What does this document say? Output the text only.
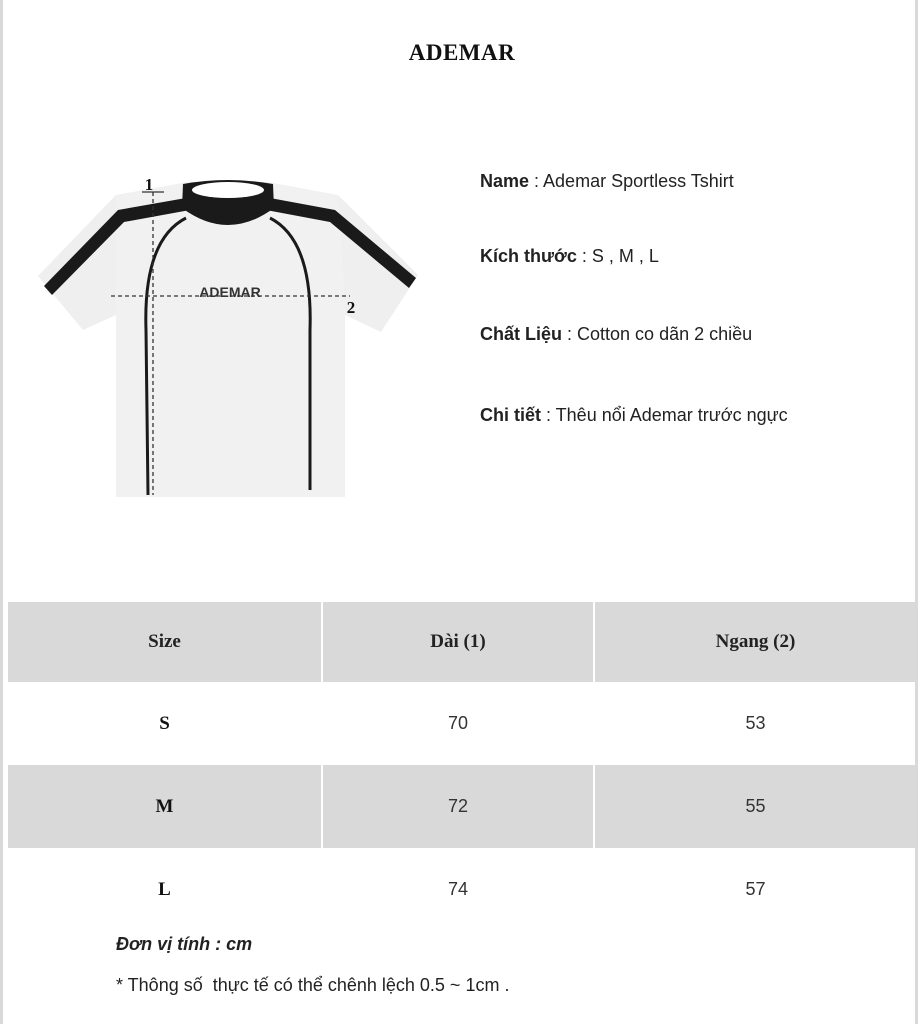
ADEMAR
ADEMAR
1
2
Name : Ademar Sportless Tshirt
Kích thước : S , M , L
Chất Liệu : Cotton co dãn 2 chiều
Chi tiết : Thêu nổi Ademar trước ngực
Size	Dài (1)	Ngang (2)
S	70	53
M	72	55
L	74	57
Đơn vị tính : cm
* Thông số  thực tế có thể chênh lệch 0.5 ~ 1cm .
